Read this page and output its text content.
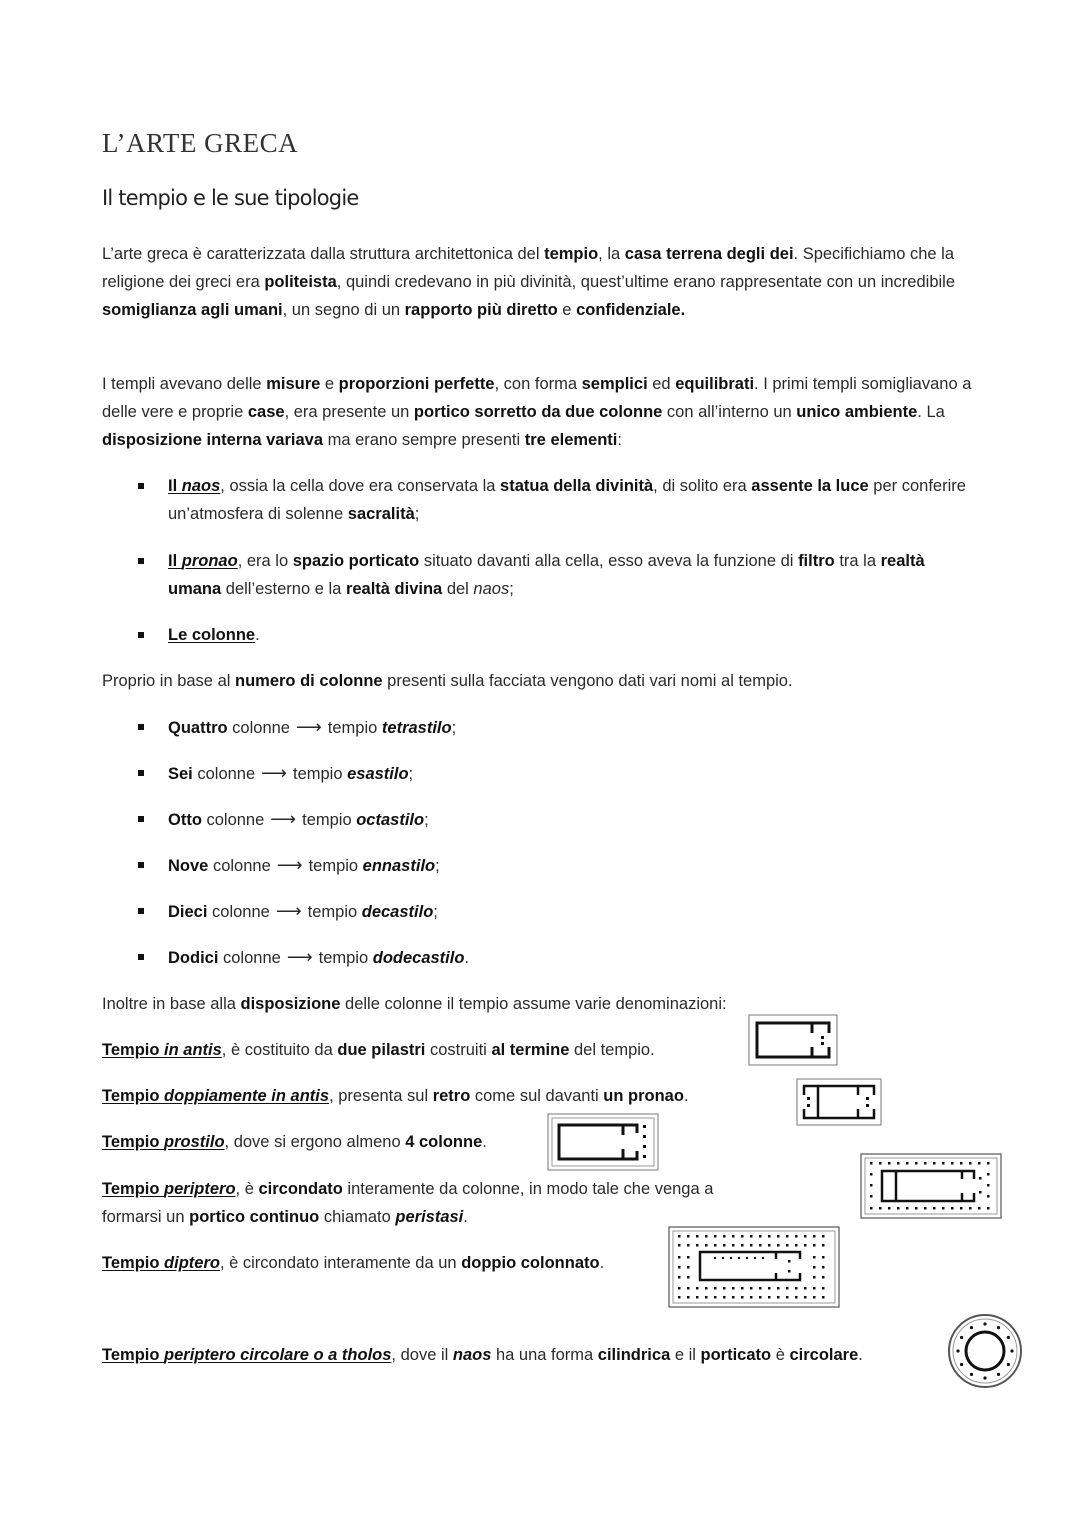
L’ARTE GRECA
Il tempio e le sue tipologie

L’arte greca è caratterizzata dalla struttura architettonica del tempio, la casa terrena degli dei. Specifichiamo che la religione dei greci era politeista, quindi credevano in più divinità, quest’ultime erano rappresentate con un incredibile somiglianza agli umani, un segno di un rapporto più diretto e confidenziale.

I templi avevano delle misure e proporzioni perfette, con forma semplici ed equilibrati. I primi templi somigliavano a delle vere e proprie case, era presente un portico sorretto da due colonne con all’interno un unico ambiente. La disposizione interna variava ma erano sempre presenti tre elementi:

Il naos, ossia la cella dove era conservata la statua della divinità, di solito era assente la luce per conferire un’atmosfera di solenne sacralità;
Il pronao, era lo spazio porticato situato davanti alla cella, esso aveva la funzione di filtro tra la realtà umana dell’esterno e la realtà divina del naos;
Le colonne.

Proprio in base al numero di colonne presenti sulla facciata vengono dati vari nomi al tempio.

Quattro colonne ⟶ tempio tetrastilo;
Sei colonne ⟶ tempio esastilo;
Otto colonne ⟶ tempio octastilo;
Nove colonne ⟶ tempio ennastilo;
Dieci colonne ⟶ tempio decastilo;
Dodici colonne ⟶ tempio dodecastilo.

Inoltre in base alla disposizione delle colonne il tempio assume varie denominazioni:

Tempio in antis, è costituito da due pilastri costruiti al termine del tempio.
Tempio doppiamente in antis, presenta sul retro come sul davanti un pronao.
Tempio prostilo, dove si ergono almeno 4 colonne.
Tempio periptero, è circondato interamente da colonne, in modo tale che venga a
formarsi un portico continuo chiamato peristasi.
Tempio diptero, è circondato interamente da un doppio colonnato.
Tempio periptero circolare o a tholos, dove il naos ha una forma cilindrica e il porticato è circolare.
